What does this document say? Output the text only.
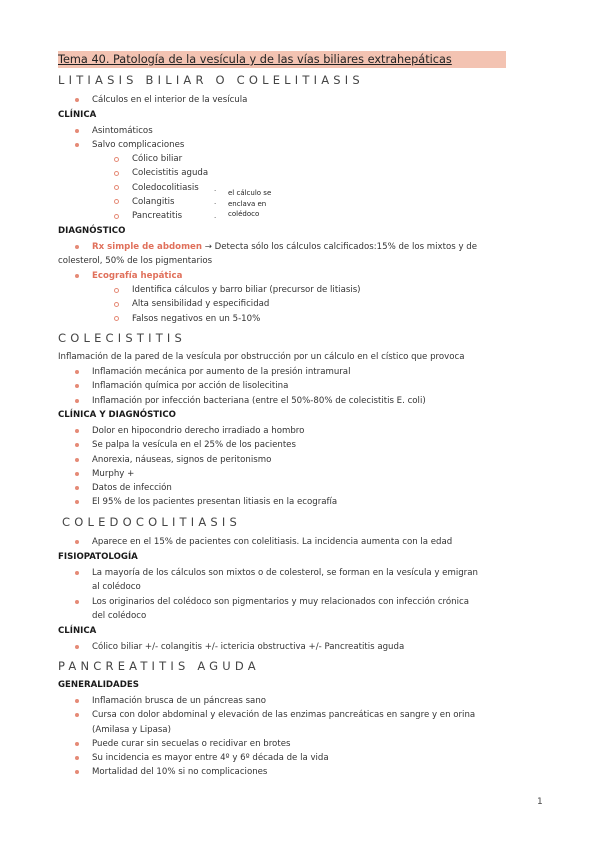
Tema 40. Patología de la vesícula y de las vías biliares extrahepáticas
LITIASIS BILIAR O COLELITIASIS
Cálculos en el interior de la vesícula
CLÍNICA
Asintomáticos
Salvo complicaciones
Cólico biliar
Colecistitis aguda
Coledocolitiasis
Colangitis
Pancreatitis
·
·
·
el cálculo se
enclava en
colédoco
DIAGNÓSTICO
Rx simple de abdomen → Detecta sólo los cálculos calcificados:15% de los mixtos y de
colesterol, 50% de los pigmentarios
Ecografía hepática
Identifica cálculos y barro biliar (precursor de litiasis)
Alta sensibilidad y especificidad
Falsos negativos en un 5-10%
COLECISTITIS
Inflamación de la pared de la vesícula por obstrucción por un cálculo en el cístico que provoca
Inflamación mecánica por aumento de la presión intramural
Inflamación química por acción de lisolecitina
Inflamación por infección bacteriana (entre el 50%-80% de colecistitis E. coli)
CLÍNICA Y DIAGNÓSTICO
Dolor en hipocondrio derecho irradiado a hombro
Se palpa la vesícula en el 25% de los pacientes
Anorexia, náuseas, signos de peritonismo
Murphy +
Datos de infección
El 95% de los pacientes presentan litiasis en la ecografía
COLEDOCOLITIASIS
Aparece en el 15% de pacientes con colelitiasis. La incidencia aumenta con la edad
FISIOPATOLOGÍA
La mayoría de los cálculos son mixtos o de colesterol, se forman en la vesícula y emigran
al colédoco
Los originarios del colédoco son pigmentarios y muy relacionados con infección crónica
del colédoco
CLÍNICA
Cólico biliar +/- colangitis +/- ictericia obstructiva +/- Pancreatitis aguda
PANCREATITIS AGUDA
GENERALIDADES
Inflamación brusca de un páncreas sano
Cursa con dolor abdominal y elevación de las enzimas pancreáticas en sangre y en orina
(Amilasa y Lipasa)
Puede curar sin secuelas o recidivar en brotes
Su incidencia es mayor entre 4º y 6º década de la vida
Mortalidad del 10% si no complicaciones
1
